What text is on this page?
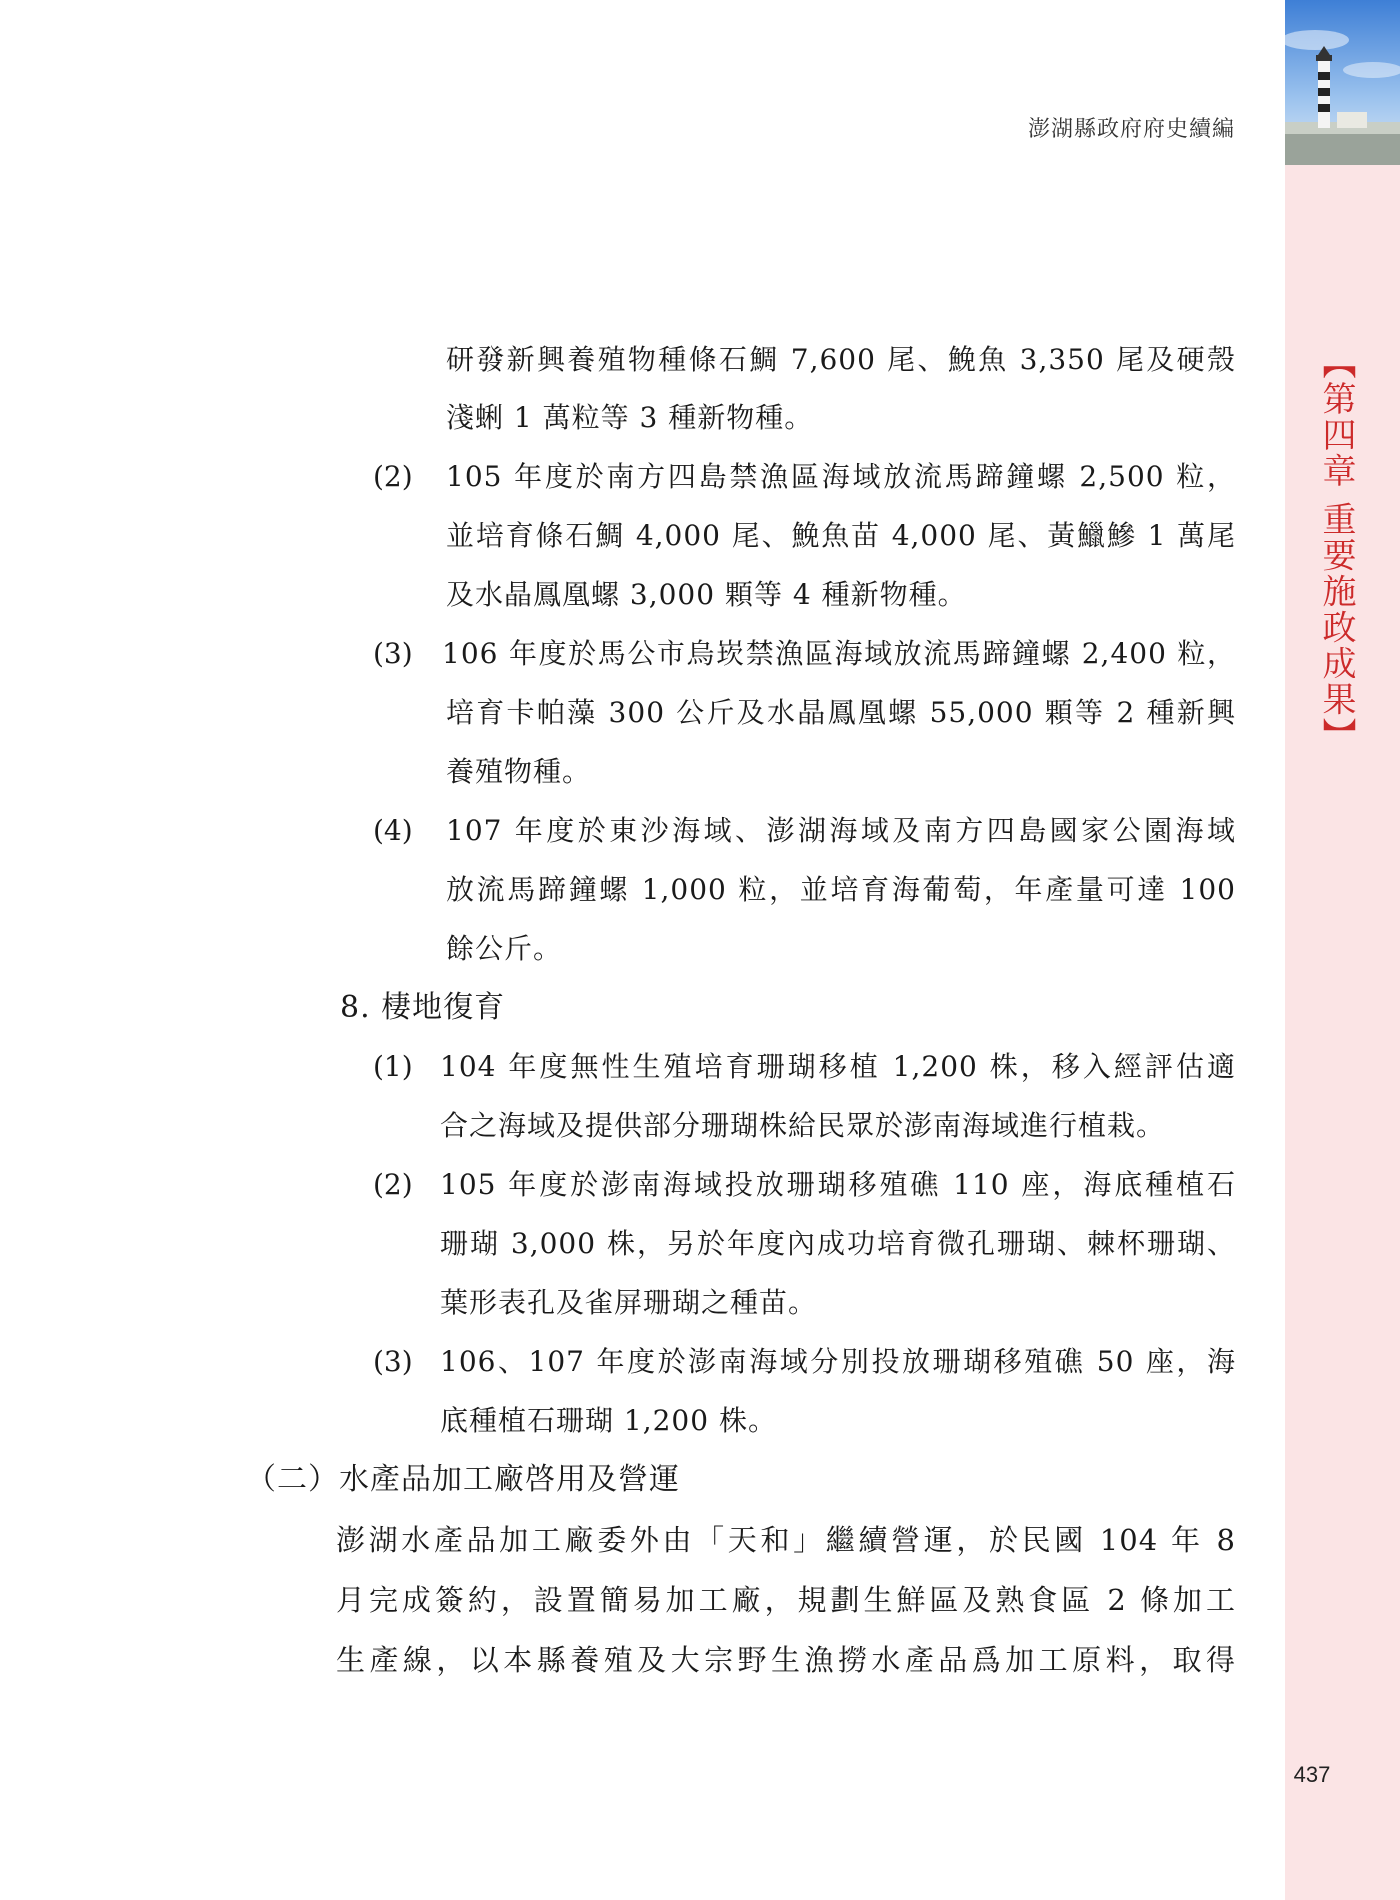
【第四章 重要施政成果】
澎湖縣政府府史續編
研發新興養殖物種條石鯛 7,600 尾、鮸魚 3,350 尾及硬殼
淺蜊 1 萬粒等 3 種新物種。
(2) 105 年度於南方四島禁漁區海域放流馬蹄鐘螺 2,500 粒，
並培育條石鯛 4,000 尾、鮸魚苗 4,000 尾、黃鱲鰺 1 萬尾
及水晶鳳凰螺 3,000 顆等 4 種新物種。
(3) 106 年度於馬公市烏崁禁漁區海域放流馬蹄鐘螺 2,400 粒，
培育卡帕藻 300 公斤及水晶鳳凰螺 55,000 顆等 2 種新興
養殖物種。
(4) 107 年度於東沙海域、澎湖海域及南方四島國家公園海域
放流馬蹄鐘螺 1,000 粒，並培育海葡萄，年產量可達 100
餘公斤。
8. 棲地復育
(1) 104 年度無性生殖培育珊瑚移植 1,200 株，移入經評估適
合之海域及提供部分珊瑚株給民眾於澎南海域進行植栽。
(2) 105 年度於澎南海域投放珊瑚移殖礁 110 座，海底種植石
珊瑚 3,000 株，另於年度內成功培育微孔珊瑚、棘杯珊瑚、
葉形表孔及雀屏珊瑚之種苗。
(3) 106、107 年度於澎南海域分別投放珊瑚移殖礁 50 座，海
底種植石珊瑚 1,200 株。
（二）水產品加工廠啓用及營運
澎湖水產品加工廠委外由「天和」繼續營運，於民國 104 年 8
月完成簽約，設置簡易加工廠，規劃生鮮區及熟食區 2 條加工
生產線，以本縣養殖及大宗野生漁撈水產品爲加工原料，取得
437
